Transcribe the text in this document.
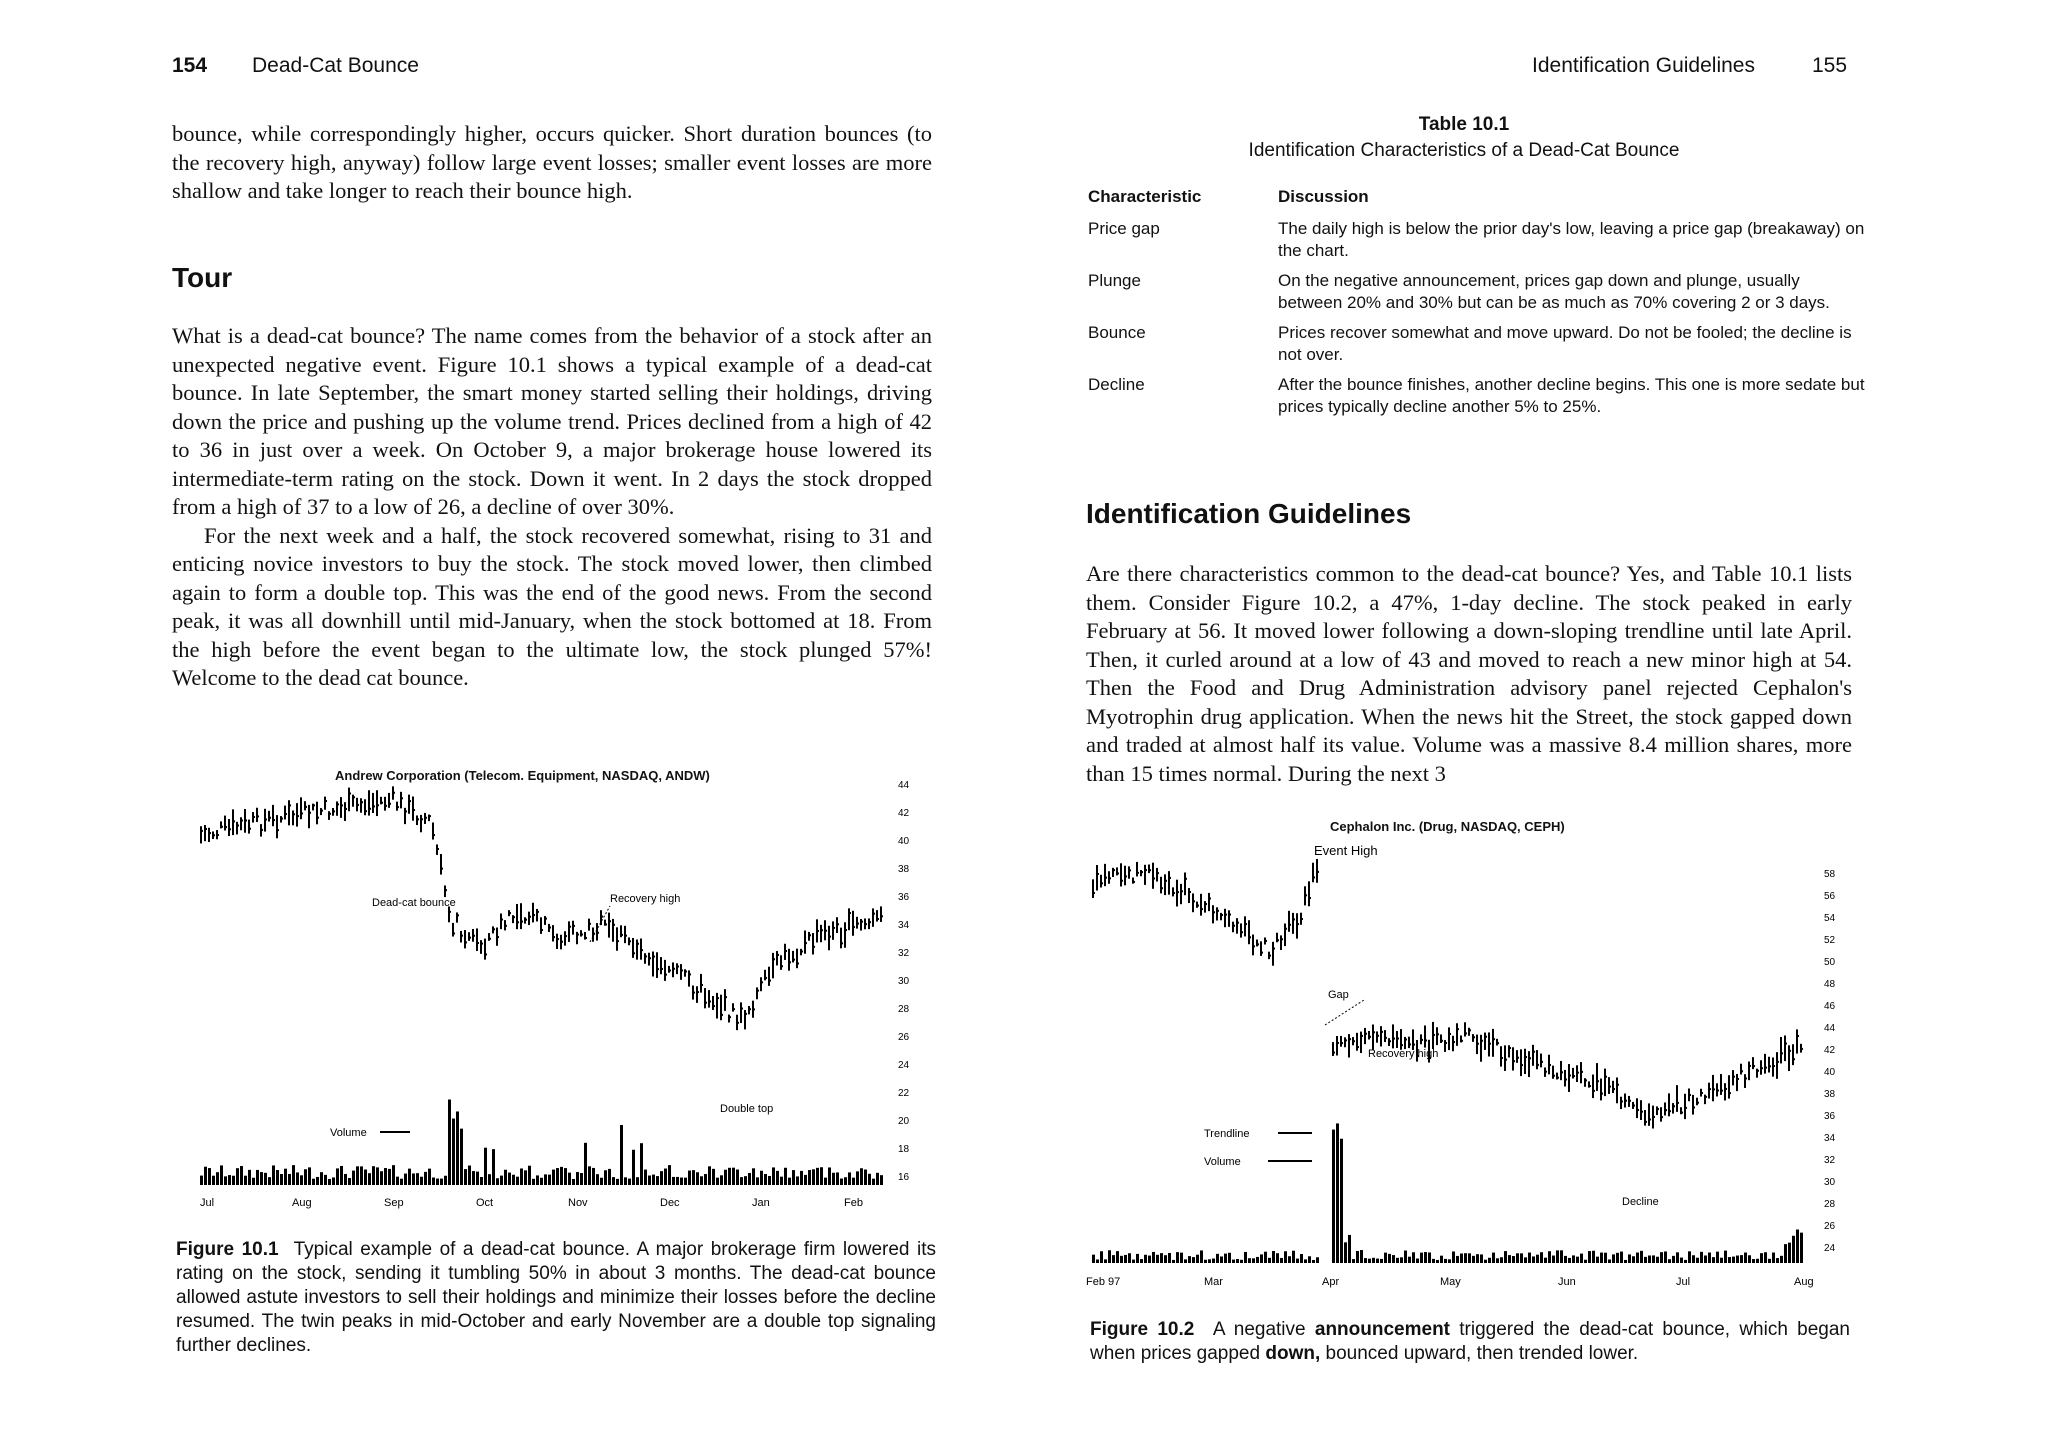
154 Dead-Cat Bounce

bounce, while correspondingly higher, occurs quicker. Short duration bounces (to the recovery high, anyway) follow large event losses; smaller event losses are more shallow and take longer to reach their bounce high.

Tour

What is a dead-cat bounce? The name comes from the behavior of a stock after an unexpected negative event. Figure 10.1 shows a typical example of a dead-cat bounce. In late September, the smart money started selling their holdings, driving down the price and pushing up the volume trend. Prices declined from a high of 42 to 36 in just over a week. On October 9, a major brokerage house lowered its intermediate-term rating on the stock. Down it went. In 2 days the stock dropped from a high of 37 to a low of 26, a decline of over 30%.

For the next week and a half, the stock recovered somewhat, rising to 31 and enticing novice investors to buy the stock. The stock moved lower, then climbed again to form a double top. This was the end of the good news. From the second peak, it was all downhill until mid-January, when the stock bottomed at 18. From the high before the event began to the ultimate low, the stock plunged 57%! Welcome to the dead cat bounce.

Andrew Corporation (Telecom. Equipment, NASDAQ, ANDW)
Recovery high
Dead-cat bounce
Volume
Double top
Jul	Aug	Sep	Oct	Nov	Dec	Jan	Feb
44
42
40
38
36
34
32
30
28
26
24
22
20
18
16
Figure 10.1 Typical example of a dead-cat bounce. A major brokerage firm lowered its rating on the stock, sending it tumbling 50% in about 3 months. The dead-cat bounce allowed astute investors to sell their holdings and minimize their losses before the decline resumed. The twin peaks in mid-October and early November are a double top signaling further declines.
Identification Guidelines	155
Table 10.1
Identification Characteristics of a Dead-Cat Bounce
Characteristic	Discussion
Price gap	The daily high is below the prior day's low, leaving a price gap (breakaway) on the chart.
Plunge	On the negative announcement, prices gap down and plunge, usually between 20% and 30% but can be as much as 70% covering 2 or 3 days.
Bounce	Prices recover somewhat and move upward. Do not be fooled; the decline is not over.
Decline	After the bounce finishes, another decline begins. This one is more sedate but prices typically decline another 5% to 25%.
Identification Guidelines

Are there characteristics common to the dead-cat bounce? Yes, and Table 10.1 lists them. Consider Figure 10.2, a 47%, 1-day decline. The stock peaked in early February at 56. It moved lower following a down-sloping trendline until late April. Then, it curled around at a low of 43 and moved to reach a new minor high at 54. Then the Food and Drug Administration advisory panel rejected Cephalon's Myotrophin drug application. When the news hit the Street, the stock gapped down and traded at almost half its value. Volume was a massive 8.4 million shares, more than 15 times normal. During the next 3

Cephalon Inc. (Drug, NASDAQ, CEPH)
Event High
Gap
Recovery high
Trendline
Volume
Decline
Feb 97	Mar	Apr	May	Jun	Jul	Aug
58
56
54
52
50
48
46
44
42
40
38
36
34
32
30
28
26
24
Figure 10.2 A negative announcement triggered the dead-cat bounce, which began when prices gapped down, bounced upward, then trended lower.
